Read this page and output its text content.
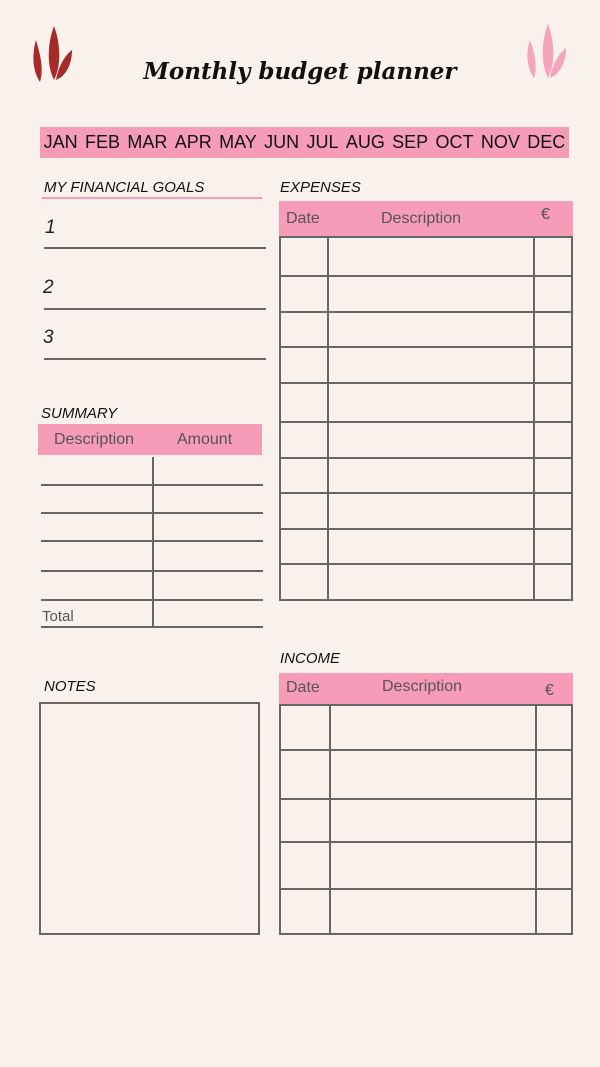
Monthly budget planner
JAN FEB MAR APR MAY JUN JUL AUG SEP OCT NOV DEC
MY FINANCIAL GOALS
1
2
3
SUMMARY
Description	Amount
Total
NOTES
EXPENSES
Date	Description	€
INCOME
Date	Description	€
